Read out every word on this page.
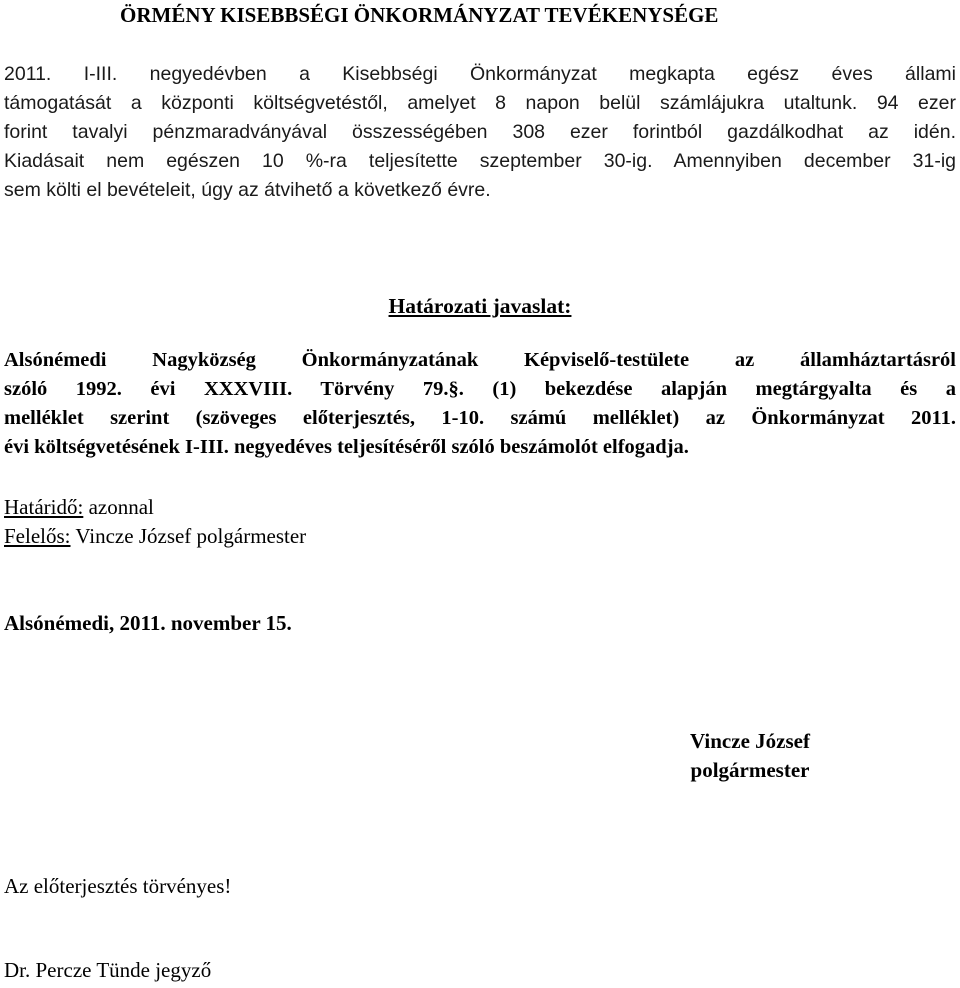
ÖRMÉNY KISEBBSÉGI ÖNKORMÁNYZAT TEVÉKENYSÉGE
2011. I-III. negyedévben a Kisebbségi Önkormányzat megkapta egész éves állami
támogatását a központi költségvetéstől, amelyet 8 napon belül számlájukra utaltunk. 94 ezer
forint tavalyi pénzmaradványával összességében 308 ezer forintból gazdálkodhat az idén.
Kiadásait nem egészen 10 %-ra teljesítette szeptember 30-ig. Amennyiben december 31-ig
sem költi el bevételeit, úgy az átvihető a következő évre.
Határozati javaslat:
Alsónémedi Nagyközség Önkormányzatának Képviselő-testülete az államháztartásról
szóló 1992. évi XXXVIII. Törvény 79.§. (1) bekezdése alapján megtárgyalta és a
melléklet szerint (szöveges előterjesztés, 1-10. számú melléklet) az Önkormányzat 2011.
évi költségvetésének I-III. negyedéves teljesítéséről szóló beszámolót elfogadja.
Határidő: azonnal
Felelős: Vincze József polgármester
Alsónémedi, 2011. november 15.
Vincze József
polgármester
Az előterjesztés törvényes!
Dr. Percze Tünde jegyző
